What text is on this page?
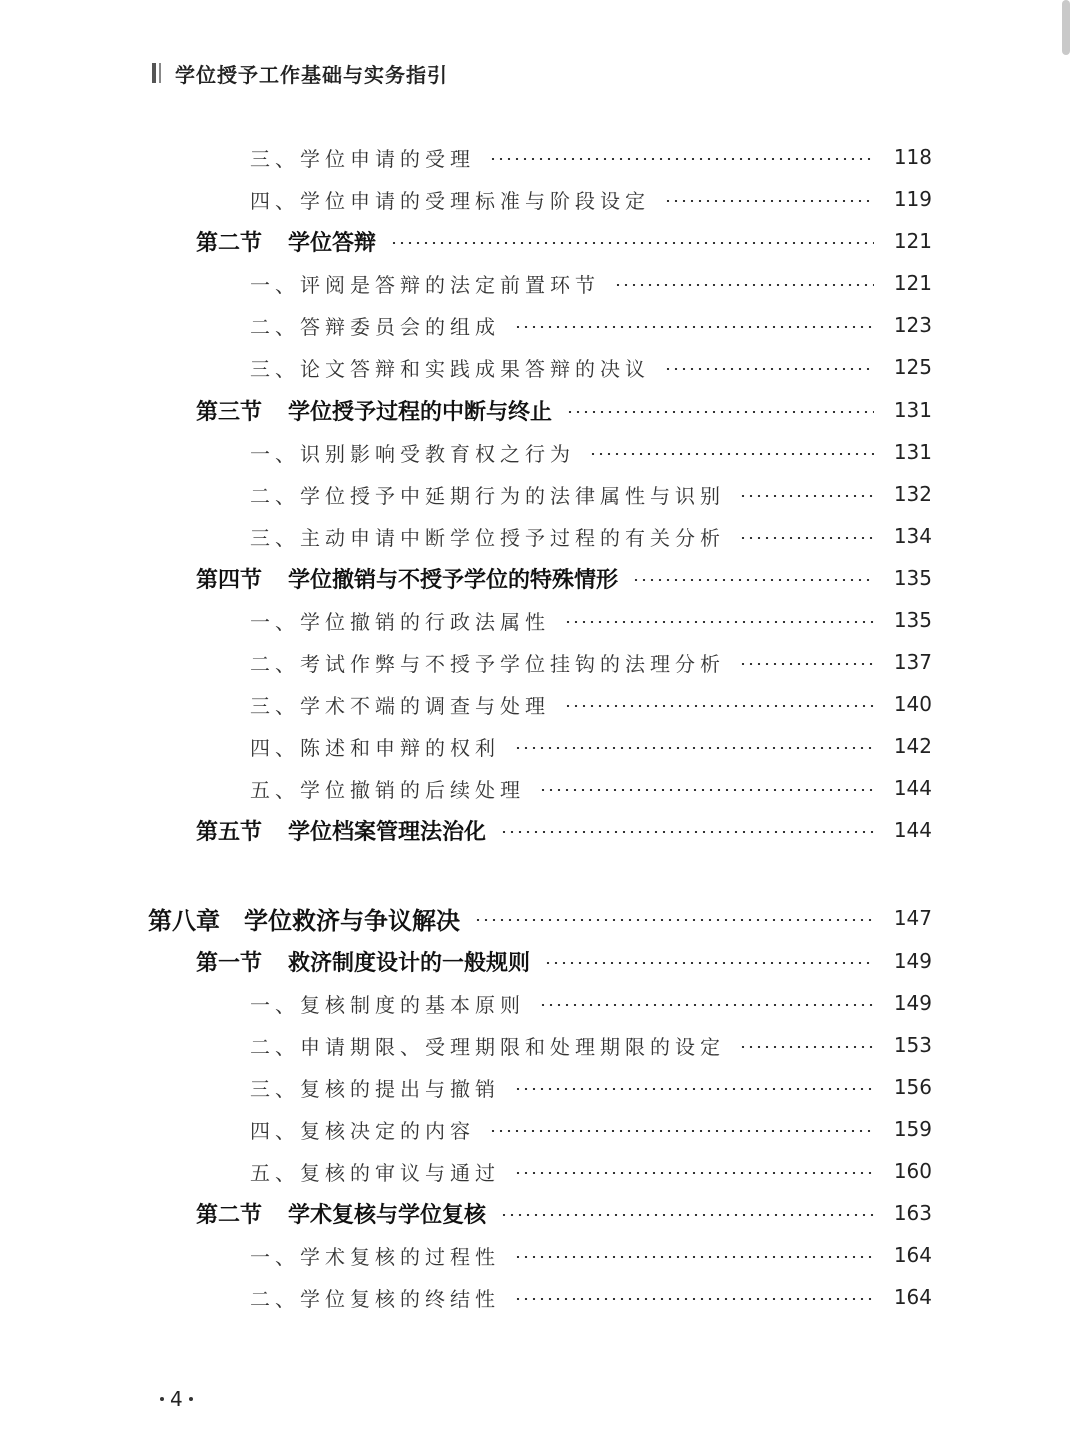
学位授予工作基础与实务指引
三、学位申请的受理	118
四、学位申请的受理标准与阶段设定	119
第二节 学位答辩	121
一、评阅是答辩的法定前置环节	121
二、答辩委员会的组成	123
三、论文答辩和实践成果答辩的决议	125
第三节 学位授予过程的中断与终止	131
一、识别影响受教育权之行为	131
二、学位授予中延期行为的法律属性与识别	132
三、主动申请中断学位授予过程的有关分析	134
第四节 学位撤销与不授予学位的特殊情形	135
一、学位撤销的行政法属性	135
二、考试作弊与不授予学位挂钩的法理分析	137
三、学术不端的调查与处理	140
四、陈述和申辩的权利	142
五、学位撤销的后续处理	144
第五节 学位档案管理法治化	144
第八章 学位救济与争议解决	147
第一节 救济制度设计的一般规则	149
一、复核制度的基本原则	149
二、申请期限、受理期限和处理期限的设定	153
三、复核的提出与撤销	156
四、复核决定的内容	159
五、复核的审议与通过	160
第二节 学术复核与学位复核	163
一、学术复核的过程性	164
二、学位复核的终结性	164
4
